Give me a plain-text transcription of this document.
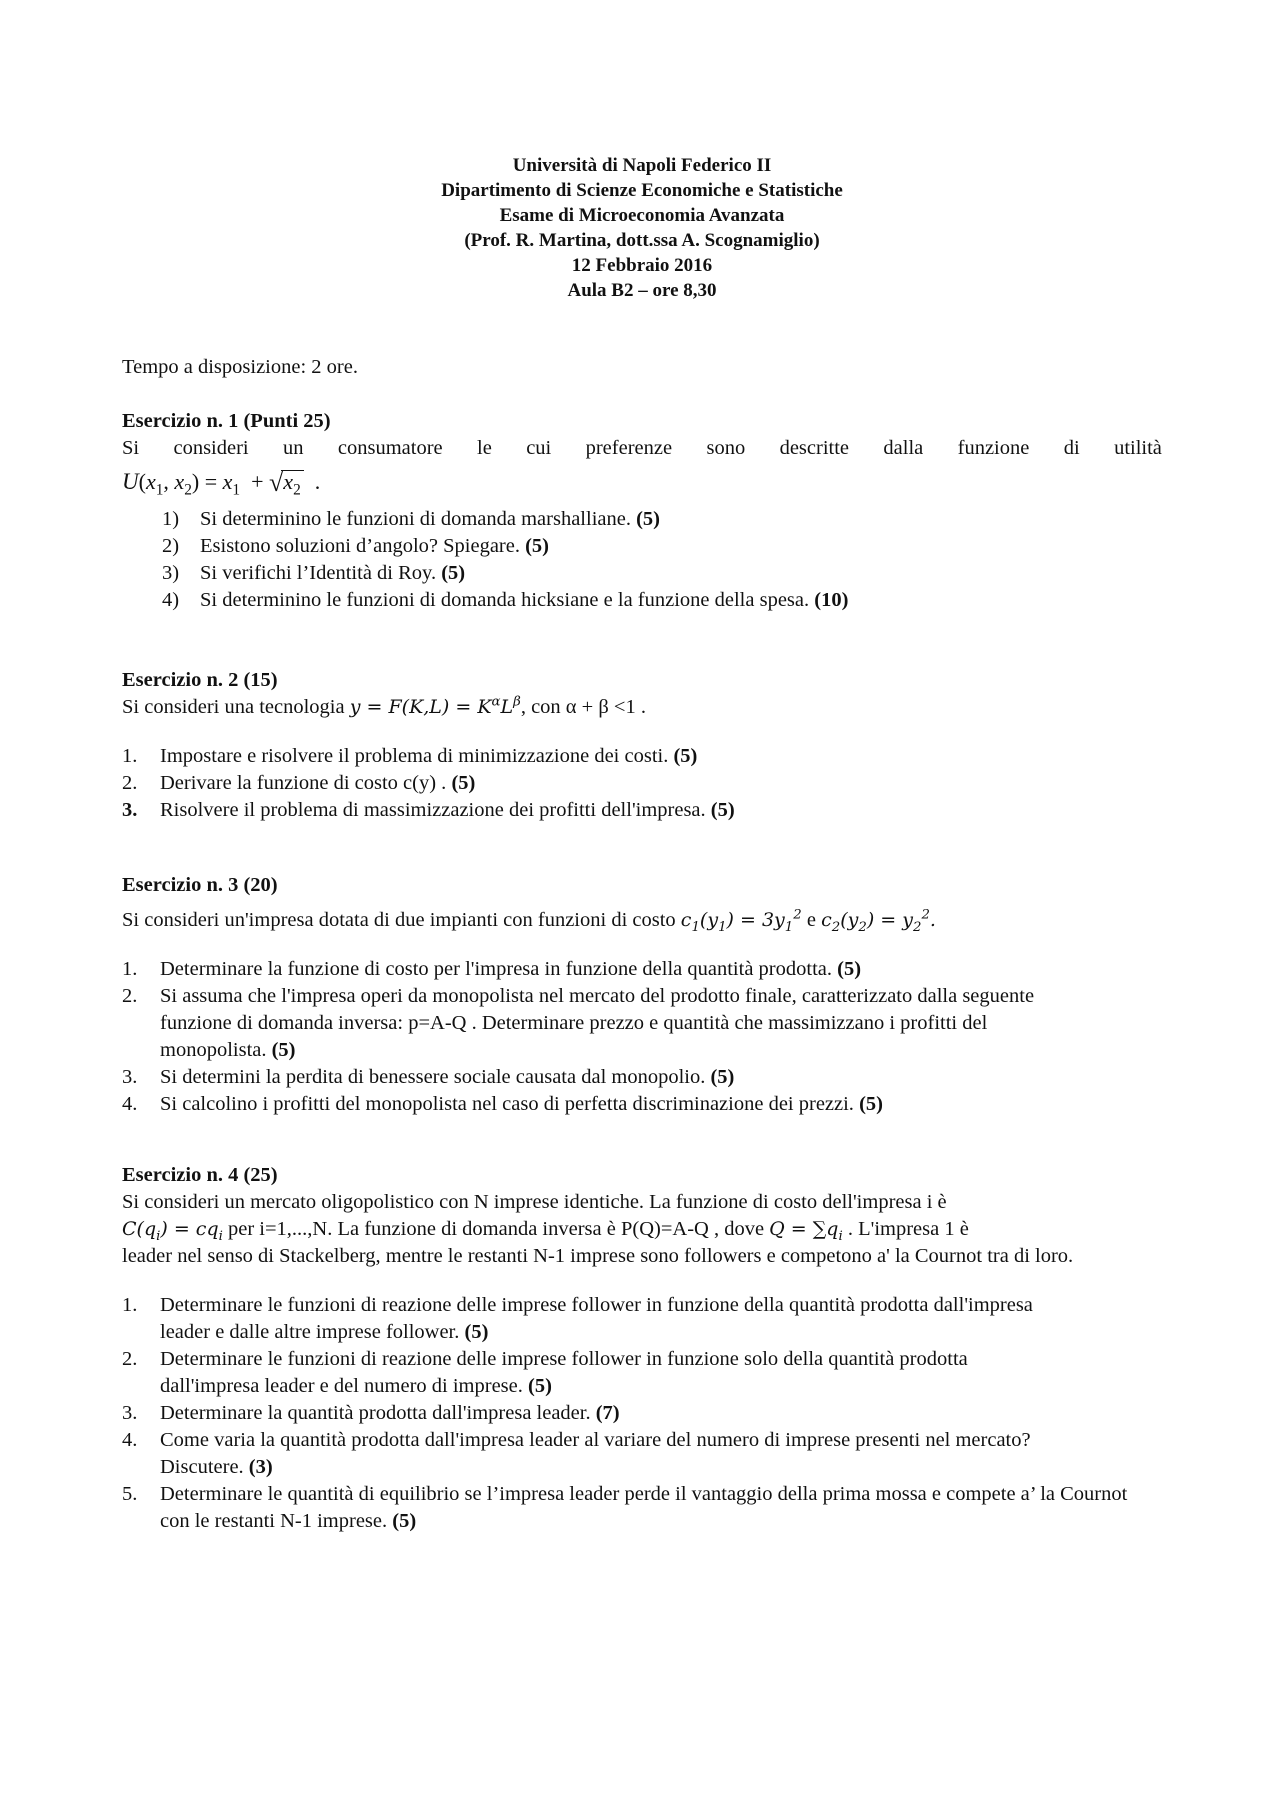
Università di Napoli Federico II
Dipartimento di Scienze Economiche e Statistiche
Esame di Microeconomia Avanzata
(Prof. R. Martina, dott.ssa A. Scognamiglio)
12 Febbraio 2016
Aula B2 – ore 8,30
Tempo a disposizione: 2 ore.
Esercizio n. 1 (Punti 25)
Si consideri un consumatore le cui preferenze sono descritte dalla funzione di utilità
$U(x_1$, $x_2) = x_1 + √x_2$  .
1) Si determinino le funzioni di domanda marshalliane. (5)
2) Esistono soluzioni d’angolo? Spiegare. (5)
3) Si verifichi l’Identità di Roy. (5)
4) Si determinino le funzioni di domanda hicksiane e la funzione della spesa. (10)
Esercizio n. 2 (15)
Si consideri una tecnologia $y = F(K,L) = K^\alpha L^\beta$, con α + β <1 .
1. Impostare e risolvere il problema di minimizzazione dei costi. (5)
2. Derivare la funzione di costo c(y) . (5)
3. Risolvere il problema di massimizzazione dei profitti dell'impresa. (5)
Esercizio n. 3 (20)
Si consideri un'impresa dotata di due impianti con funzioni di costo $c_1(y_1) = 3y_1^2$ e $c_2(y_2) = y_2^2$.
1. Determinare la funzione di costo per l'impresa in funzione della quantità prodotta. (5)
2. Si assuma che l'impresa operi da monopolista nel mercato del prodotto finale, caratterizzato dalla seguente funzione di domanda inversa: p=A-Q . Determinare prezzo e quantità che massimizzano i profitti del monopolista. (5)
3. Si determini la perdita di benessere sociale causata dal monopolio. (5)
4. Si calcolino i profitti del monopolista nel caso di perfetta discriminazione dei prezzi. (5)
Esercizio n. 4 (25)
Si consideri un mercato oligopolistico con N imprese identiche. La funzione di costo dell'impresa i è
$C(q_i) = cq_i$ per i=1,...,N. La funzione di domanda inversa è P(Q)=A-Q , dove $Q = \sum q_i$ . L'impresa 1 è
leader nel senso di Stackelberg, mentre le restanti N-1 imprese sono followers e competono a' la Cournot tra di loro.
1. Determinare le funzioni di reazione delle imprese follower in funzione della quantità prodotta dall'impresa leader e dalle altre imprese follower. (5)
2. Determinare le funzioni di reazione delle imprese follower in funzione solo della quantità prodotta dall'impresa leader e del numero di imprese. (5)
3. Determinare la quantità prodotta dall'impresa leader. (7)
4. Come varia la quantità prodotta dall'impresa leader al variare del numero di imprese presenti nel mercato? Discutere. (3)
5. Determinare le quantità di equilibrio se l’impresa leader perde il vantaggio della prima mossa e compete a’ la Cournot con le restanti N-1 imprese. (5)
